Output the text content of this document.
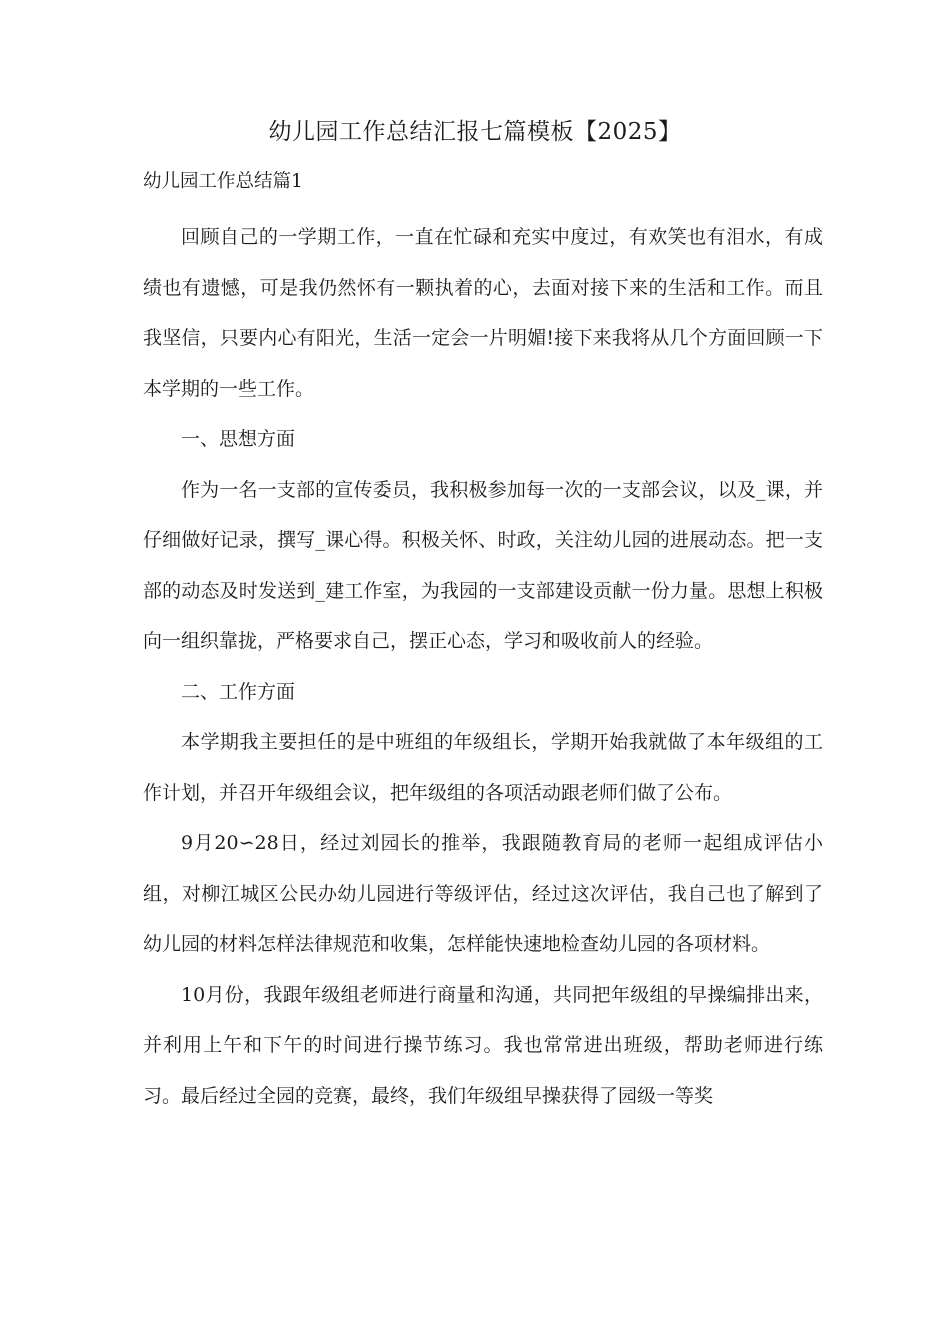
幼儿园工作总结汇报七篇模板【2025】
幼儿园工作总结篇1

回顾自己的一学期工作，一直在忙碌和充实中度过，有欢笑也有泪水，有成绩也有遗憾，可是我仍然怀有一颗执着的心，去面对接下来的生活和工作。而且我坚信，只要内心有阳光，生活一定会一片明媚!接下来我将从几个方面回顾一下本学期的一些工作。

一、思想方面

作为一名一支部的宣传委员，我积极参加每一次的一支部会议，以及_课，并仔细做好记录，撰写_课心得。积极关怀、时政，关注幼儿园的进展动态。把一支部的动态及时发送到_建工作室，为我园的一支部建设贡献一份力量。思想上积极向一组织靠拢，严格要求自己，摆正心态，学习和吸收前人的经验。

二、工作方面

本学期我主要担任的是中班组的年级组长，学期开始我就做了本年级组的工作计划，并召开年级组会议，把年级组的各项活动跟老师们做了公布。

9月20∽28日，经过刘园长的推举，我跟随教育局的老师一起组成评估小组，对柳江城区公民办幼儿园进行等级评估，经过这次评估，我自己也了解到了幼儿园的材料怎样法律规范和收集，怎样能快速地检查幼儿园的各项材料。

10月份，我跟年级组老师进行商量和沟通，共同把年级组的早操编排出来，并利用上午和下午的时间进行操节练习。我也常常进出班级，帮助老师进行练习。最后经过全园的竞赛，最终，我们年级组早操获得了园级一等奖
